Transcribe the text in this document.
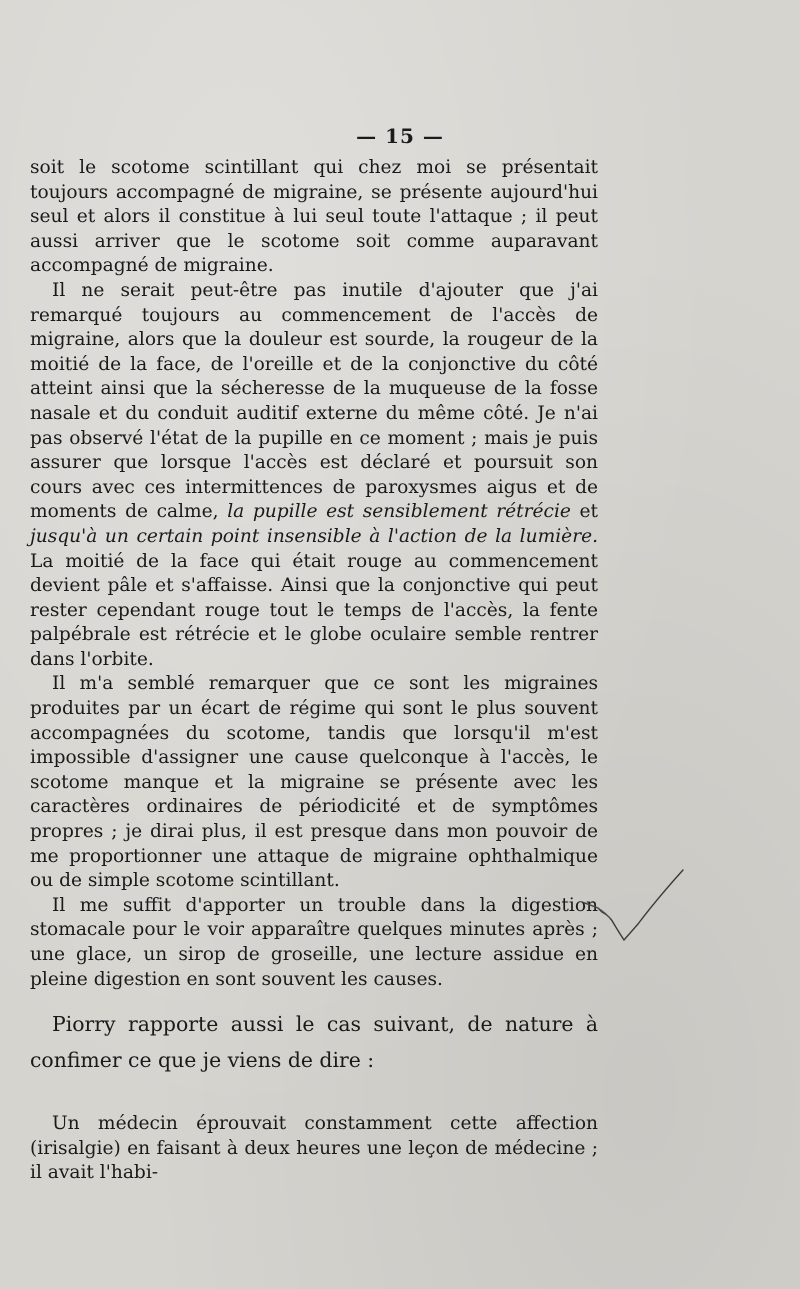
— 15 —

soit le scotome scintillant qui chez moi se présentait toujours accompagné de migraine, se présente aujourd'hui seul et alors il constitue à lui seul toute l'attaque ; il peut aussi arriver que le scotome soit comme auparavant accompagné de migraine.

Il ne serait peut-être pas inutile d'ajouter que j'ai remarqué toujours au commencement de l'accès de migraine, alors que la douleur est sourde, la rougeur de la moitié de la face, de l'oreille et de la conjonctive du côté atteint ainsi que la sécheresse de la muqueuse de la fosse nasale et du conduit auditif externe du même côté. Je n'ai pas observé l'état de la pupille en ce moment ; mais je puis assurer que lorsque l'accès est déclaré et poursuit son cours avec ces intermittences de paroxysmes aigus et de moments de calme, la pupille est sensiblement rétrécie et jusqu'à un certain point insensible à l'action de la lumière. La moitié de la face qui était rouge au commencement devient pâle et s'affaisse. Ainsi que la conjonctive qui peut rester cependant rouge tout le temps de l'accès, la fente palpébrale est rétrécie et le globe oculaire semble rentrer dans l'orbite.

Il m'a semblé remarquer que ce sont les migraines produites par un écart de régime qui sont le plus souvent accompagnées du scotome, tandis que lorsqu'il m'est impossible d'assigner une cause quelconque à l'accès, le scotome manque et la migraine se présente avec les caractères ordinaires de périodicité et de symptômes propres ; je dirai plus, il est presque dans mon pouvoir de me proportionner une attaque de migraine ophthalmique ou de simple scotome scintillant.

Il me suffit d'apporter un trouble dans la digestion stomacale pour le voir apparaître quelques minutes après ; une glace, un sirop de groseille, une lecture assidue en pleine digestion en sont souvent les causes.

Piorry rapporte aussi le cas suivant, de nature à confimer ce que je viens de dire :

Un médecin éprouvait constamment cette affection (irisalgie) en faisant à deux heures une leçon de médecine ; il avait l'habi-
